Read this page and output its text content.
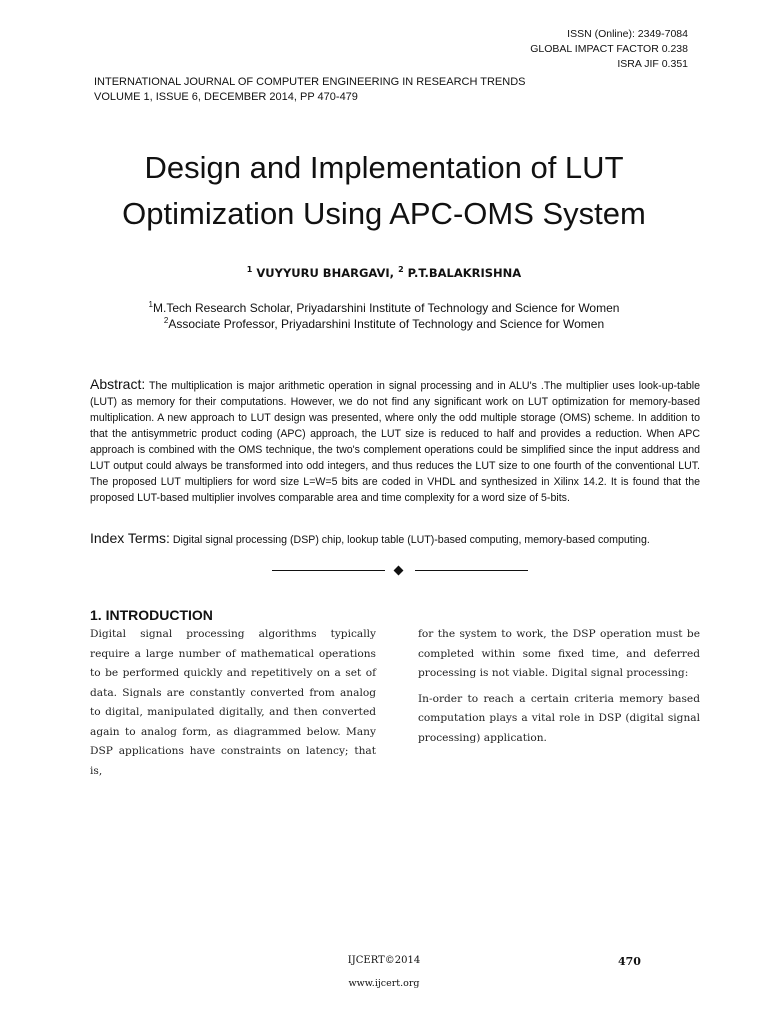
ISSN (Online): 2349-7084
GLOBAL IMPACT FACTOR 0.238
ISRA JIF 0.351
INTERNATIONAL JOURNAL OF COMPUTER ENGINEERING IN RESEARCH TRENDS
VOLUME 1, ISSUE 6, DECEMBER 2014, PP 470-479
Design and Implementation of LUT
Optimization Using APC-OMS System
$^1$ VUYYURU BHARGAVI, $^2$ P.T.BALAKRISHNA
$^1$M.Tech Research Scholar, Priyadarshini Institute of Technology and Science for Women
$^2$Associate Professor, Priyadarshini Institute of Technology and Science for Women
Abstract: The multiplication is major arithmetic operation in signal processing and in ALU's .The multiplier uses look-up-table (LUT) as memory for their computations. However, we do not find any significant work on LUT optimization for memory-based multiplication. A new approach to LUT design was presented, where only the odd multiple storage (OMS) scheme. In addition to that the antisymmetric product coding (APC) approach, the LUT size is reduced to half and provides a reduction. When APC approach is combined with the OMS technique, the two's complement operations could be simplified since the input address and LUT output could always be transformed into odd integers, and thus reduces the LUT size to one fourth of the conventional LUT. The proposed LUT multipliers for word size L=W=5 bits are coded in VHDL and synthesized in Xilinx 14.2. It is found that the proposed LUT-based multiplier involves comparable area and time complexity for a word size of 5-bits.
Index Terms: Digital signal processing (DSP) chip, lookup table (LUT)-based computing, memory-based computing.
1. INTRODUCTION

Digital signal processing algorithms typically require a large number of mathematical operations to be performed quickly and repetitively on a set of data. Signals are constantly converted from analog to digital, manipulated digitally, and then converted again to analog form, as diagrammed below. Many DSP applications have constraints on latency; that is,

for the system to work, the DSP operation must be completed within some fixed time, and deferred processing is not viable. Digital signal processing:

In-order to reach a certain criteria memory based computation plays a vital role in DSP (digital signal processing) application.

IJCERT©2014	470
www.ijcert.org
